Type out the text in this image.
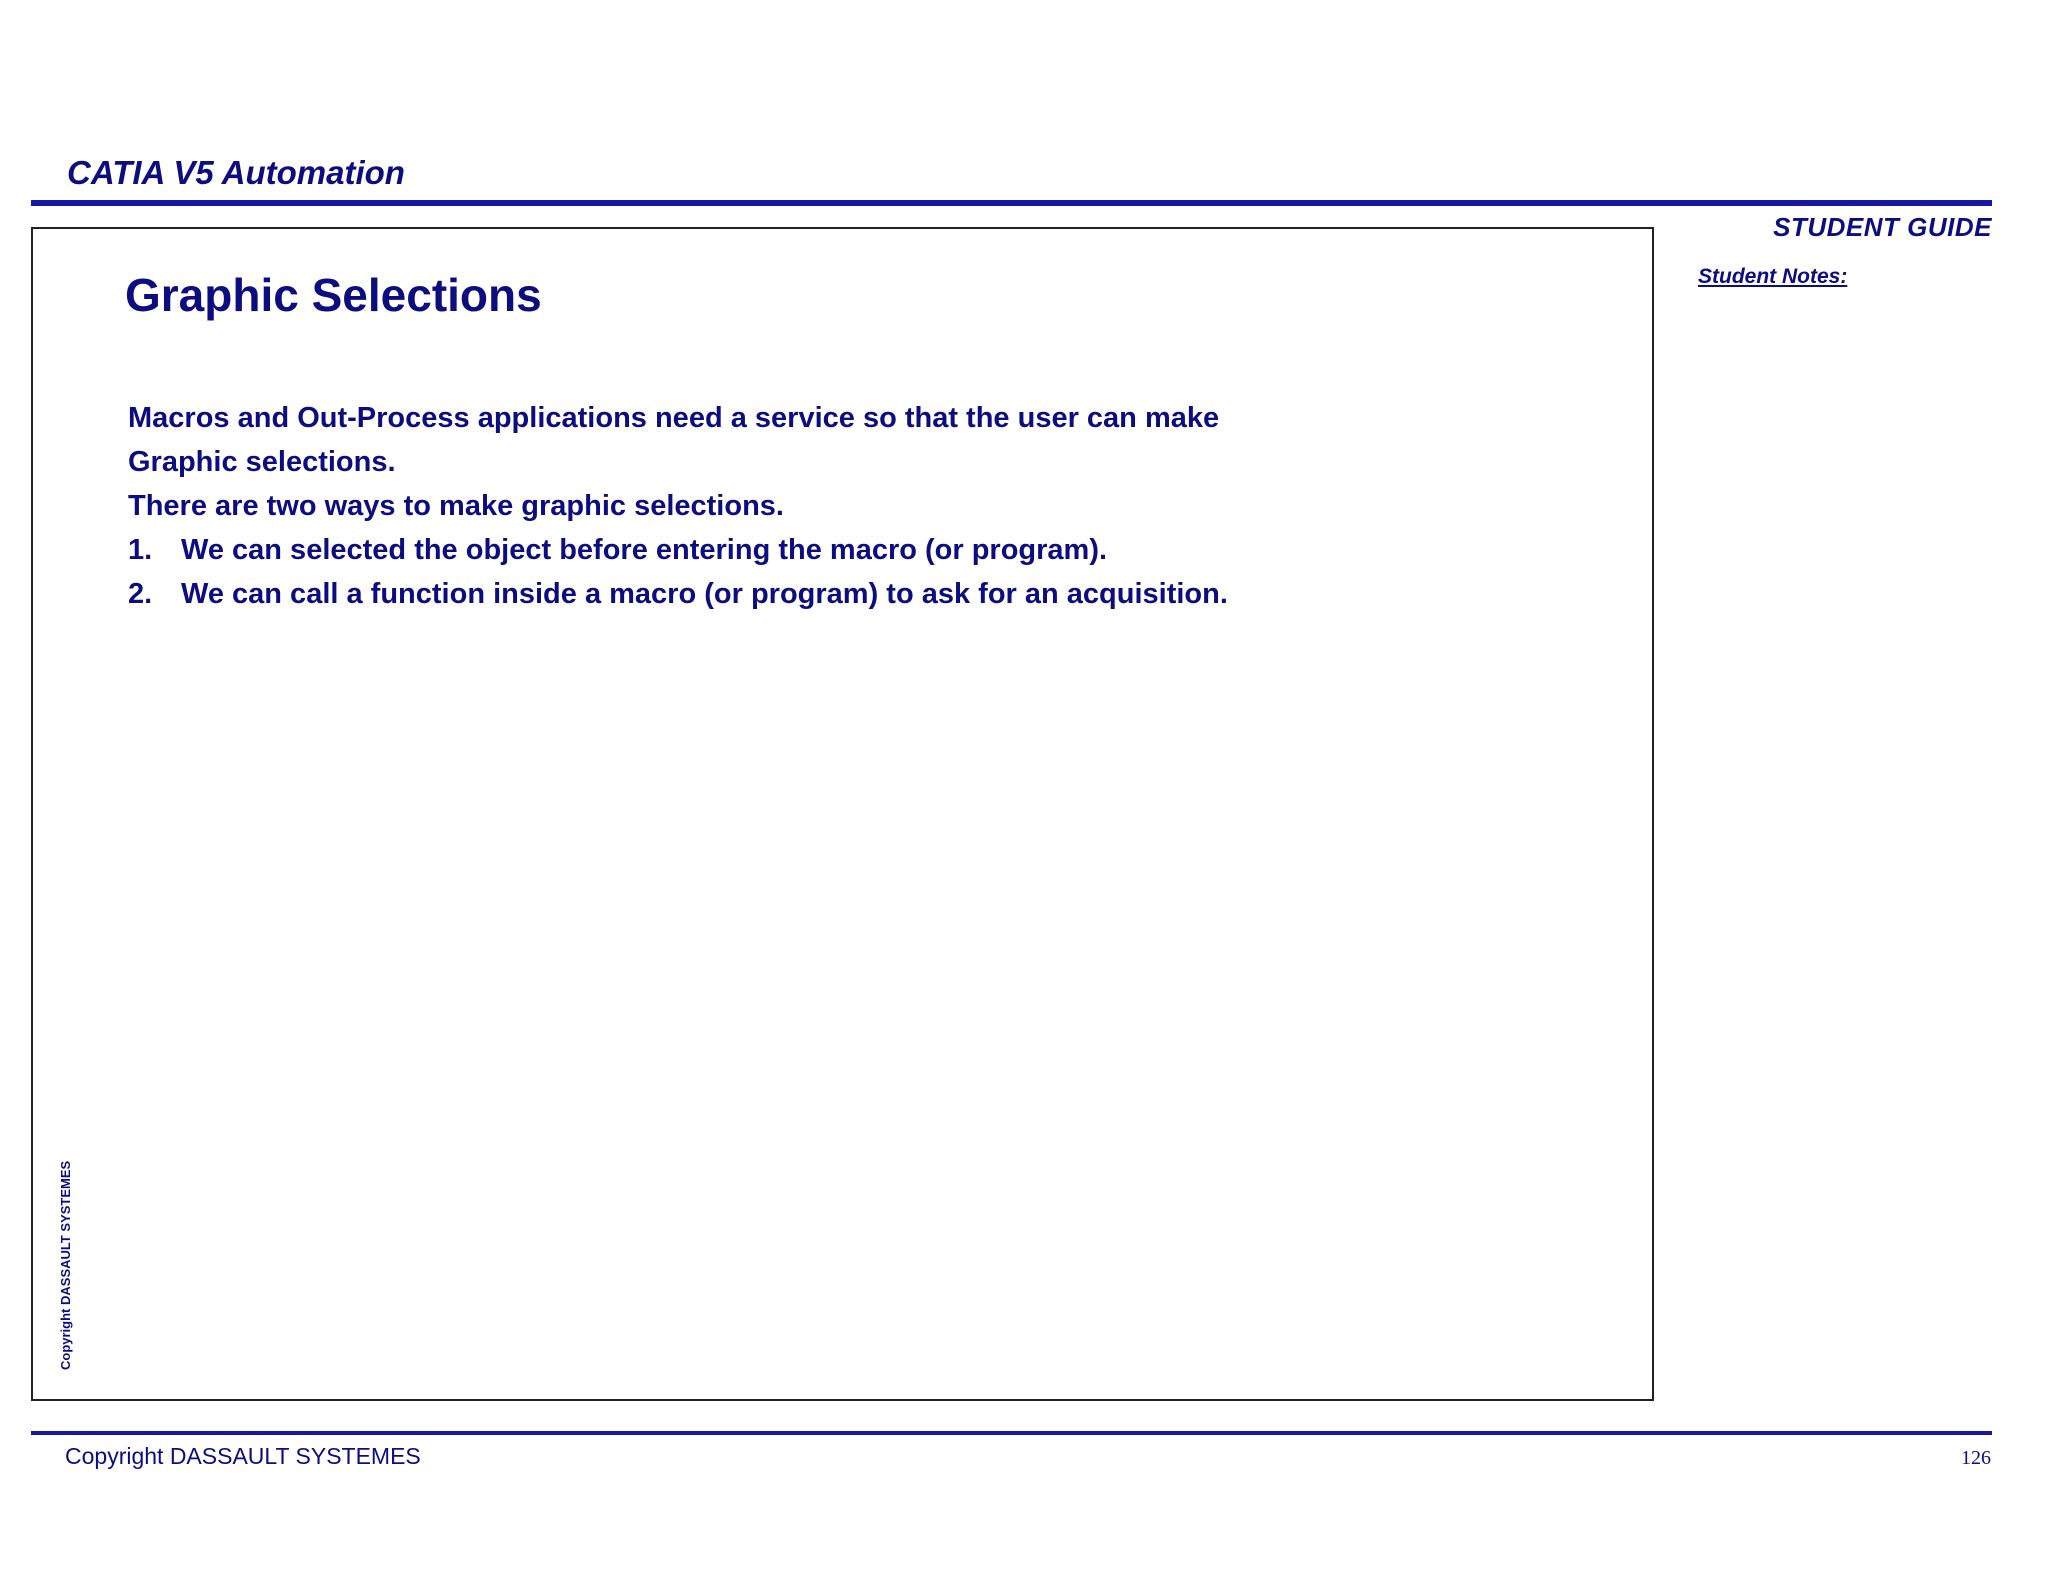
CATIA V5 Automation
STUDENT GUIDE
Student Notes:
Graphic Selections

Macros and Out-Process applications need a service so that the user can make

Graphic selections.

There are two ways to make graphic selections.

1. We can selected the object before entering the macro (or program).
2. We can call a function inside a macro (or program) to ask for an acquisition.
Copyright DASSAULT SYSTEMES
Copyright DASSAULT SYSTEMES	126
